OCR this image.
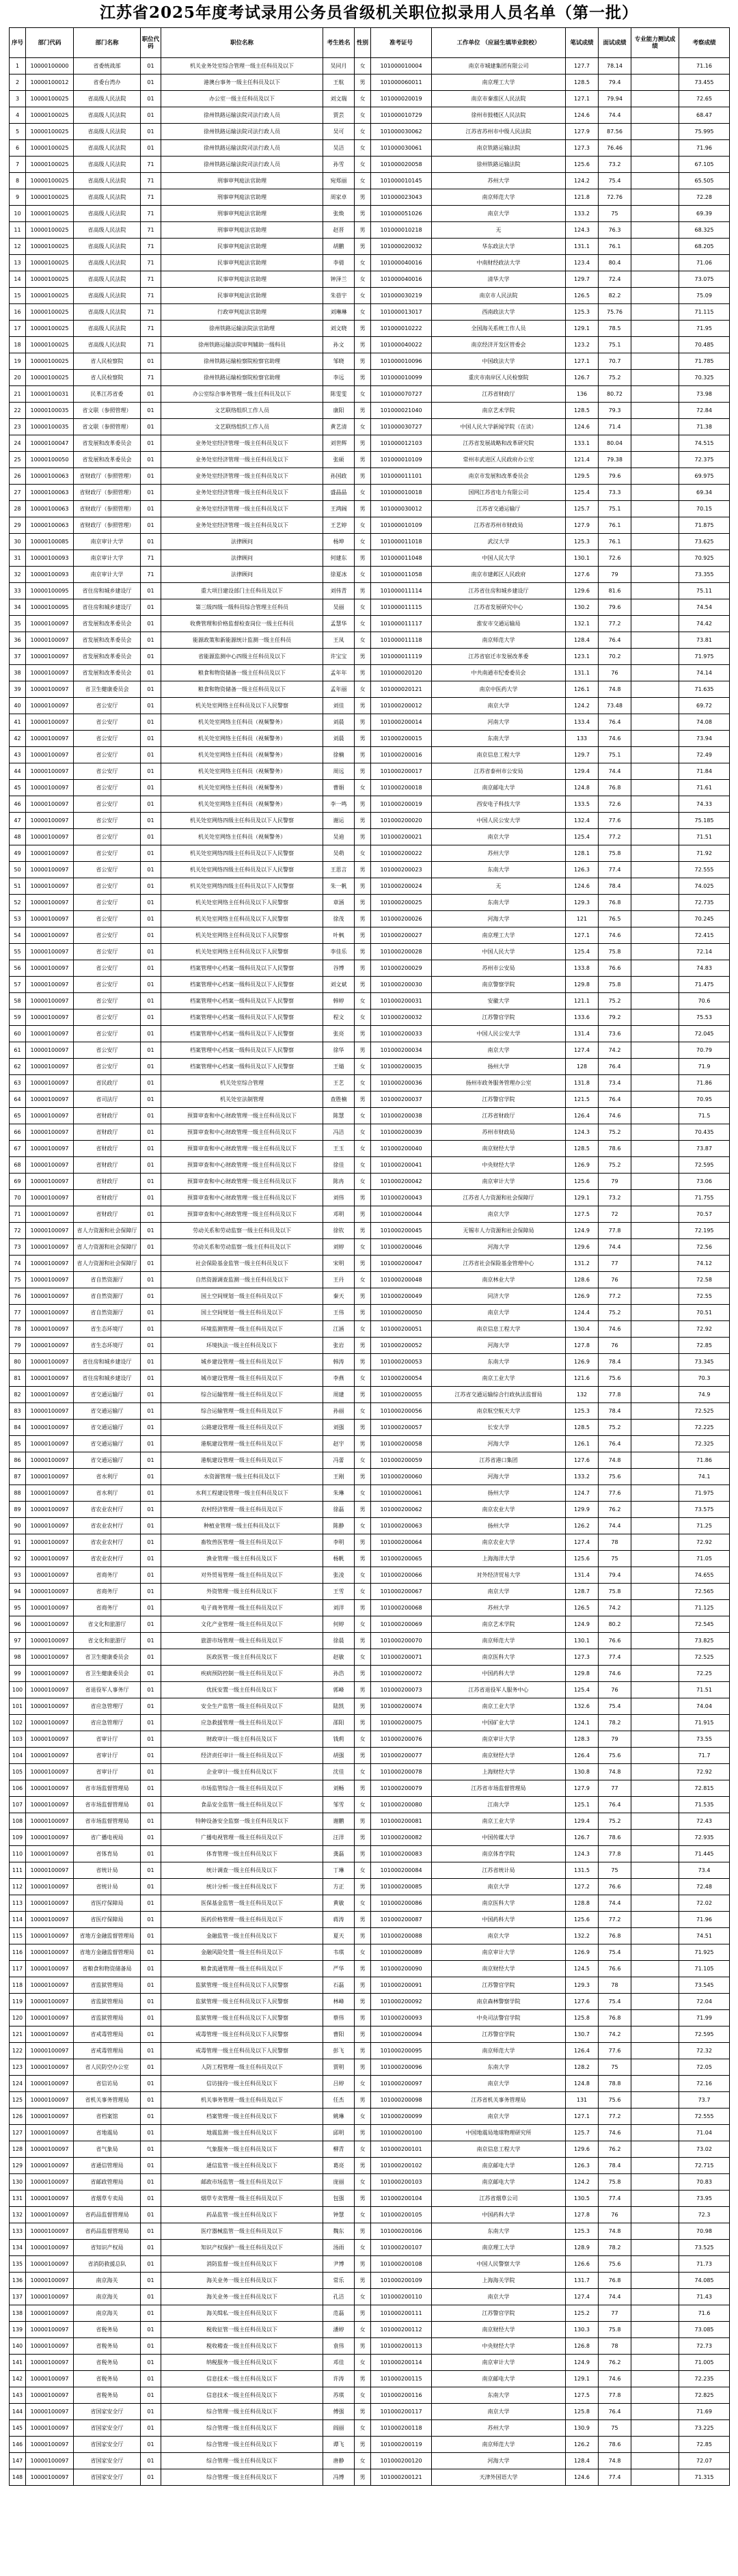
江苏省2025年度考试录用公务员省级机关职位拟录用人员名单（第一批）
序号	部门代码	部门名称	职位代码	职位名称	考生姓名	性别	准考证号	工作单位 （应届生填毕业院校）	笔试成绩	面试成绩	专业能力测试成绩	考察成绩
1	10000100000	省委统战部	01	机关业务处室综合管理一级主任科员及以下	吴同月	女	101000010004	南京市城建集团有限公司	127.7	78.14		71.16
2	10000100012	省委台湾办	01	港澳台事务一级主任科员及以下	王航	男	101000060011	南京理工大学	128.5	79.4		73.455
3	10000100025	省高级人民法院	01	办公室一级主任科员及以下	刘文瑞	女	101000020019	南京市秦淮区人民法院	127.1	79.94		72.65
4	10000100025	省高级人民法院	01	徐州铁路运输法院司法行政人员	贾芸	女	101000010729	徐州市鼓楼区人民法院	124.6	74.4		68.47
5	10000100025	省高级人民法院	01	徐州铁路运输法院司法行政人员	吴可	女	101000030062	江苏省苏州市中级人民法院	127.9	87.56		75.995
6	10000100025	省高级人民法院	01	徐州铁路运输法院司法行政人员	吴洁	女	101000030061	南京铁路运输法院	127.3	76.46		71.96
7	10000100025	省高级人民法院	71	徐州铁路运输法院司法行政人员	孙雪	女	101000020058	徐州铁路运输法院	125.6	73.2		67.105
8	10000100025	省高级人民法院	71	刑事审判庭法官助理	宛郑丽	女	101000010145	苏州大学	124.2	75.4		65.505
9	10000100025	省高级人民法院	71	刑事审判庭法官助理	周家卓	男	101000023043	南京师范大学	121.8	72.76		72.28
10	10000100025	省高级人民法院	71	刑事审判庭法官助理	张焕	男	101000051026	南京大学	133.2	75		69.39
11	10000100025	省高级人民法院	71	刑事审判庭法官助理	赵晋	男	101000010218	无	124.3	76.3		68.325
12	10000100025	省高级人民法院	71	民事审判庭法官助理	胡鹏	男	101000020032	华东政法大学	131.1	76.1		68.205
13	10000100025	省高级人民法院	71	民事审判庭法官助理	李倩	女	101000040016	中南财经政法大学	123.4	80.4		71.06
14	10000100025	省高级人民法院	71	民事审判庭法官助理	钟泽兰	女	101000040016	清华大学	129.7	72.4		73.075
15	10000100025	省高级人民法院	71	民事审判庭法官助理	朱蓓宇	女	101000030219	南京市人民法院	126.5	82.2		75.09
16	10000100025	省高级人民法院	71	行政审判庭法官助理	刘琳琳	女	101000013017	西南政法大学	125.3	75.76		71.115
17	10000100025	省高级人民法院	71	徐州铁路运输法院法官助理	刘文晓	男	101000010222	全国海关系统工作人员	129.1	78.5		71.95
18	10000100025	省高级人民法院	71	徐州铁路运输法院审判辅助一级科员	孙文	男	101000040022	南京经济开发区管委会	123.2	75.1		70.485
19	10000100025	省人民检察院	01	徐州铁路运输检察院检察官助理	邹晓	男	101000010096	中国政法大学	127.1	70.7		71.785
20	10000100025	省人民检察院	71	徐州铁路运输检察院检察官助理	李远	男	101000010099	重庆市南岸区人民检察院	126.7	75.2		70.325
21	10000100031	民革江苏省委	01	办公室综合事务管理一级主任科员及以下	陈雯雯	女	101000070727	江苏省财政厅	136	80.72		73.98
22	10000100035	省文联（参照管理）	01	文艺联络组织工作人员	康阳	男	101000021040	南京艺术学院	128.5	79.3		72.84
23	10000100035	省文联（参照管理）	01	文艺联络组织工作人员	黄艺清	女	101000030727	中国人民大学新闻学院（在读）	124.6	71.4		71.38
24	10000100047	省发展和改革委员会	01	业务处室经济管理一级主任科员及以下	刘世辉	男	101000012103	江苏省发展战略和改革研究院	133.1	80.04		74.515
25	10000100050	省发展和改革委员会	01	业务处室经济管理一级主任科员及以下	张硕	男	101000010109	常州市武进区人民政府办公室	121.4	79.38		72.375
26	10000100063	省财政厅（参照管理）	01	业务处室经济管理一级主任科员及以下	孙国政	男	101000011101	南京市发展和改革委员会	129.5	79.6		69.975
27	10000100063	省财政厅（参照管理）	01	业务处室经济管理一级主任科员及以下	盛晶晶	女	101000010018	国网江苏省电力有限公司	125.4	73.3		69.34
28	10000100063	省财政厅（参照管理）	01	业务处室经济管理一级主任科员及以下	王鸿阔	男	101000030012	江苏省交通运输厅	125.7	75.1		70.15
29	10000100063	省财政厅（参照管理）	01	业务处室经济管理一级主任科员及以下	王艺婷	女	101000010109	江苏省苏州市财政局	127.9	76.1		71.875
30	10000100085	南京审计大学	01	法律顾问	杨坤	女	101000011018	武汉大学	125.3	76.1		73.625
31	10000100093	南京审计大学	71	法律顾问	何建东	男	101000011048	中国人民大学	130.1	72.6		70.925
32	10000100093	南京审计大学	71	法律顾问	徐夏冰	女	101000011058	南京市建邺区人民政府	127.6	79		73.355
33	10000100095	省住房和城乡建设厅	01	重大项目建设部门主任科员及以下	刘伟青	男	101000011114	江苏省住房和城乡建设厅	129.6	81.6		75.11
34	10000100095	省住房和城乡建设厅	01	第三级四级一级科员综合管理主任科员	吴丽	女	101000011115	江苏省发展研究中心	130.2	79.6		74.54
35	10000100097	省发展和改革委员会	01	收费管理和价格监督检查岗位一级主任科员	孟慧华	女	101000011117	淮安市交通运输局	132.1	77.2		74.42
36	10000100097	省发展和改革委员会	01	能源政策和新能源统计监测一级主任科员	王凤	女	101000011118	南京师范大学	128.4	76.4		73.81
37	10000100097	省发展和改革委员会	01	省能源监测中心四级主任科员及以下	许宝宝	男	101000011119	江苏省宿迁市发展改革委	123.1	70.2		71.975
38	10000100097	省发展和改革委员会	01	粮食和物资储备一级主任科员及以下	孟年年	男	101000020120	中共南通市纪委委员会	131.1	76		74.14
39	10000100097	省卫生健康委员会	01	粮食和物资储备一级主任科员及以下	孟年丽	女	101000020121	南京中医药大学	126.1	74.8		71.635
40	10000100097	省公安厅	01	机关处室网络主任科员及以下人民警察	刘佳	男	101000200012	南京大学	124.2	73.48		69.72
41	10000100097	省公安厅	01	机关处室网络主任科员（视频警务）	刘晨	男	101000200014	河南大学	133.4	76.4		74.08
42	10000100097	省公安厅	01	机关处室网络主任科员（视频警务）	刘晨	男	101000200015	东南大学	133	74.6		73.94
43	10000100097	省公安厅	01	机关处室网络主任科员（视频警务）	徐楠	男	101000200016	南京信息工程大学	129.7	75.1		72.49
44	10000100097	省公安厅	01	机关处室网络主任科员（视频警务）	周远	男	101000200017	江苏省泰州市公安局	129.4	74.4		71.84
45	10000100097	省公安厅	01	机关处室网络主任科员（视频警务）	曹娟	女	101000200018	南京邮电大学	124.8	76.8		71.61
46	10000100097	省公安厅	01	机关处室网络主任科员（视频警务）	李一鸣	男	101000200019	西安电子科技大学	133.5	72.6		74.33
47	10000100097	省公安厅	01	机关处室网络四级主任科员及以下人民警察	谢运	男	101000200020	中国人民公安大学	132.4	77.6		75.185
48	10000100097	省公安厅	01	机关处室网络主任科员（视频警务）	吴迪	男	101000200021	南京大学	125.4	77.2		71.51
49	10000100097	省公安厅	01	机关处室网络四级主任科员及以下人民警察	吴萌	女	101000200022	苏州大学	128.1	75.8		71.92
50	10000100097	省公安厅	01	机关处室网络四级主任科员及以下人民警察	王思言	男	101000200023	东南大学	126.3	77.4		72.555
51	10000100097	省公安厅	01	机关处室网络四级主任科员及以下人民警察	朱一帆	男	101000200024	无	124.6	78.4		74.025
52	10000100097	省公安厅	01	机关处室网络主任科员及以下人民警察	章涵	男	101000200025	东南大学	129.3	76.8		72.735
53	10000100097	省公安厅	01	机关处室网络主任科员及以下人民警察	徐茂	男	101000200026	河海大学	121	76.5		70.245
54	10000100097	省公安厅	01	机关处室网络主任科员及以下人民警察	叶枫	男	101000200027	南京理工大学	127.1	74.6		72.415
55	10000100097	省公安厅	01	机关处室网络主任科员及以下人民警察	李佳乐	男	101000200028	中国人民大学	125.4	75.8		72.14
56	10000100097	省公安厅	01	档案管理中心档案一级科员及以下人民警察	谷博	男	101000200029	苏州市公安局	133.8	76.6		74.83
57	10000100097	省公安厅	01	档案管理中心档案一级科员及以下人民警察	刘文斌	男	101000200030	南京警察学院	129.8	75.8		71.475
58	10000100097	省公安厅	01	档案管理中心档案一级科员及以下人民警察	韩婷	女	101000200031	安徽大学	121.1	75.2		70.6
59	10000100097	省公安厅	01	档案管理中心档案一级科员及以下人民警察	程文	女	101000200032	江苏警官学院	133.6	79.2		75.53
60	10000100097	省公安厅	01	档案管理中心档案一级科员及以下人民警察	张亮	男	101000200033	中国人民公安大学	131.4	73.6		72.045
61	10000100097	省公安厅	01	档案管理中心档案一级科员及以下人民警察	徐华	男	101000200034	南京大学	127.4	74.2		70.79
62	10000100097	省公安厅	01	档案管理中心档案一级科员及以下人民警察	王婧	女	101000200035	扬州大学	128	76.4		71.9
63	10000100097	省民政厅	01	机关处室综合管理	王艺	女	101000200036	扬州市政务服务管理办公室	131.8	73.4		71.86
64	10000100097	省司法厅	01	机关处室法制管理	查胜楠	男	101000200037	江苏警官学院	121.5	76.4		70.95
65	10000100097	省财政厅	01	预算审查和中心财政管理一级主任科员及以下	陈慧	女	101000200038	江苏省财政厅	126.4	74.6		71.5
66	10000100097	省财政厅	01	预算审查和中心财政管理一级主任科员及以下	冯洁	女	101000200039	苏州市财政局	124.3	75.2		70.435
67	10000100097	省财政厅	01	预算审查和中心财政管理一级主任科员及以下	王玉	女	101000200040	南京财经大学	128.5	78.6		73.87
68	10000100097	省财政厅	01	预算审查和中心财政管理一级主任科员及以下	徐佳	女	101000200041	中央财经大学	126.9	75.2		72.595
69	10000100097	省财政厅	01	预算审查和中心财政管理一级主任科员及以下	陈冉	女	101000200042	南京审计大学	125.6	79		73.06
70	10000100097	省财政厅	01	预算审查和中心财政管理一级主任科员及以下	刘伟	男	101000200043	江苏省人力资源和社会保障厅	129.1	73.2		71.755
71	10000100097	省财政厅	01	预算审查和中心财政管理一级主任科员及以下	邓明	男	101000200044	南京大学	127.5	72		70.57
72	10000100097	省人力资源和社会保障厅	01	劳动关系和劳动监察一级主任科员及以下	徐钦	男	101000200045	无锡市人力资源和社会保障局	124.9	77.8		72.195
73	10000100097	省人力资源和社会保障厅	01	劳动关系和劳动监察一级主任科员及以下	刘婷	女	101000200046	河海大学	129.6	74.4		72.56
74	10000100097	省人力资源和社会保障厅	01	社会保险基金监管一级主任科员及以下	宋明	男	101000200047	江苏省社会保险基金管理中心	131.2	77		74.12
75	10000100097	省自然资源厅	01	自然资源调查监测一级主任科员及以下	王丹	女	101000200048	南京林业大学	128.6	76		72.58
76	10000100097	省自然资源厅	01	国土空间规划一级主任科员及以下	秦天	男	101000200049	同济大学	126.9	77.2		72.55
77	10000100097	省自然资源厅	01	国土空间规划一级主任科员及以下	王伟	男	101000200050	南京大学	124.4	75.2		70.51
78	10000100097	省生态环境厅	01	环境监测管理一级主任科员及以下	江涵	女	101000200051	南京信息工程大学	130.4	74.6		72.92
79	10000100097	省生态环境厅	01	环境执法一级主任科员及以下	张岩	男	101000200052	河海大学	127.8	76		72.85
80	10000100097	省住房和城乡建设厅	01	城乡建设管理一级主任科员及以下	韩涛	男	101000200053	东南大学	126.9	78.4		73.345
81	10000100097	省住房和城乡建设厅	01	城市建设管理一级主任科员及以下	李燕	女	101000200054	南京工业大学	121.6	75.6		70.3
82	10000100097	省交通运输厅	01	综合运输管理一级主任科员及以下	周建	男	101000200055	江苏省交通运输综合行政执法监督局	132	77.8		74.9
83	10000100097	省交通运输厅	01	综合运输管理一级主任科员及以下	孙丽	女	101000200056	南京航空航天大学	125.3	78.4		72.525
84	10000100097	省交通运输厅	01	公路建设管理一级主任科员及以下	刘强	男	101000200057	长安大学	128.5	75.2		72.225
85	10000100097	省交通运输厅	01	港航建设管理一级主任科员及以下	赵宇	男	101000200058	河海大学	126.1	76.4		72.325
86	10000100097	省交通运输厅	01	港航建设管理一级主任科员及以下	冯蕾	女	101000200059	江苏省港口集团	127.6	74.8		71.86
87	10000100097	省水利厅	01	水资源管理一级主任科员及以下	王刚	男	101000200060	河海大学	133.2	75.6		74.1
88	10000100097	省水利厅	01	水利工程建设管理一级主任科员及以下	朱琳	女	101000200061	扬州大学	124.7	77.6		71.975
89	10000100097	省农业农村厅	01	农村经济管理一级主任科员及以下	徐磊	男	101000200062	南京农业大学	129.9	76.2		73.575
90	10000100097	省农业农村厅	01	种植业管理一级主任科员及以下	陈静	女	101000200063	扬州大学	126.2	74.4		71.25
91	10000100097	省农业农村厅	01	畜牧兽医管理一级主任科员及以下	李明	男	101000200064	南京农业大学	127.4	78		72.92
92	10000100097	省农业农村厅	01	渔业管理一级主任科员及以下	杨帆	男	101000200065	上海海洋大学	125.6	75		71.05
93	10000100097	省商务厅	01	对外贸易管理一级主任科员及以下	张凌	女	101000200066	对外经济贸易大学	131.4	79.4		74.655
94	10000100097	省商务厅	01	外资管理一级主任科员及以下	王雪	女	101000200067	南京大学	128.7	75.8		72.565
95	10000100097	省商务厅	01	电子商务管理一级主任科员及以下	刘洋	男	101000200068	苏州大学	126.5	74.2		71.125
96	10000100097	省文化和旅游厅	01	文化产业管理一级主任科员及以下	何婷	女	101000200069	南京艺术学院	124.9	80.2		72.545
97	10000100097	省文化和旅游厅	01	旅游市场管理一级主任科员及以下	徐晨	男	101000200070	南京师范大学	130.1	76.6		73.825
98	10000100097	省卫生健康委员会	01	医政医管一级主任科员及以下	赵敏	女	101000200071	南京医科大学	127.3	77.4		72.525
99	10000100097	省卫生健康委员会	01	疾病预防控制一级主任科员及以下	孙浩	男	101000200072	中国药科大学	129.8	74.6		72.25
100	10000100097	省退役军人事务厅	01	优抚安置一级主任科员及以下	郭峰	男	101000200073	江苏省退役军人服务中心	125.4	76		71.51
101	10000100097	省应急管理厅	01	安全生产监管一级主任科员及以下	陆凯	男	101000200074	南京工业大学	132.6	75.4		74.04
102	10000100097	省应急管理厅	01	应急救援管理一级主任科员及以下	邵阳	男	101000200075	中国矿业大学	124.1	78.2		71.915
103	10000100097	省审计厅	01	财政审计一级主任科员及以下	钱莉	女	101000200076	南京审计大学	128.3	79		73.55
104	10000100097	省审计厅	01	经济责任审计一级主任科员及以下	胡强	男	101000200077	南京财经大学	126.4	75.6		71.7
105	10000100097	省审计厅	01	企业审计一级主任科员及以下	沈佳	女	101000200078	上海财经大学	130.8	74.8		72.92
106	10000100097	省市场监督管理局	01	市场监管综合一级主任科员及以下	刘畅	男	101000200079	江苏省市场监督管理局	127.9	77		72.815
107	10000100097	省市场监督管理局	01	食品安全监管一级主任科员及以下	邹雪	女	101000200080	江南大学	125.1	76.4		71.535
108	10000100097	省市场监督管理局	01	特种设备安全监察一级主任科员及以下	谢鹏	男	101000200081	南京工业大学	129.4	75.2		72.43
109	10000100097	省广播电视局	01	广播电视管理一级主任科员及以下	汪洋	男	101000200082	中国传媒大学	126.7	78.6		72.935
110	10000100097	省体育局	01	体育管理一级主任科员及以下	龚磊	男	101000200083	南京体育学院	124.3	77.8		71.445
111	10000100097	省统计局	01	统计调查一级主任科员及以下	丁琳	女	101000200084	江苏省统计局	131.5	75		73.4
112	10000100097	省统计局	01	统计分析一级主任科员及以下	方正	男	101000200085	南京大学	127.2	76.6		72.48
113	10000100097	省医疗保障局	01	医保基金监管一级主任科员及以下	黄敏	女	101000200086	南京医科大学	128.8	74.4		72.02
114	10000100097	省医疗保障局	01	医药价格管理一级主任科员及以下	蒋涛	男	101000200087	中国药科大学	125.6	77.2		71.96
115	10000100097	省地方金融监督管理局	01	金融监管一级主任科员及以下	夏天	男	101000200088	南京大学	132.2	76.8		74.51
116	10000100097	省地方金融监督管理局	01	金融风险处置一级主任科员及以下	韦琪	女	101000200089	南京审计大学	126.9	75.4		71.925
117	10000100097	省粮食和物资储备局	01	粮食流通管理一级主任科员及以下	严华	男	101000200090	南京财经大学	124.5	76.6		71.105
118	10000100097	省监狱管理局	01	监狱管理一级主任科员及以下人民警察	石磊	男	101000200091	江苏警官学院	129.3	78		73.545
119	10000100097	省监狱管理局	01	监狱管理一级主任科员及以下人民警察	林峰	男	101000200092	南京森林警察学院	127.6	75.4		72.04
120	10000100097	省监狱管理局	01	监狱管理一级主任科员及以下人民警察	蔡伟	男	101000200093	中央司法警官学院	125.8	76.8		71.99
121	10000100097	省戒毒管理局	01	戒毒管理一级主任科员及以下人民警察	曹阳	男	101000200094	江苏警官学院	130.7	74.2		72.595
122	10000100097	省戒毒管理局	01	戒毒管理一级主任科员及以下人民警察	彭飞	男	101000200095	南京师范大学	126.4	77.6		72.32
123	10000100097	省人民防空办公室	01	人防工程管理一级主任科员及以下	贾明	男	101000200096	东南大学	128.2	75		72.05
124	10000100097	省信访局	01	信访接待一级主任科员及以下	吕婷	女	101000200097	南京大学	124.8	78.8		72.16
125	10000100097	省机关事务管理局	01	机关事务管理一级主任科员及以下	任杰	男	101000200098	江苏省机关事务管理局	131	75.6		73.7
126	10000100097	省档案馆	01	档案管理一级主任科员及以下	姚琳	女	101000200099	南京大学	127.1	77.2		72.555
127	10000100097	省地震局	01	地震监测一级主任科员及以下	邱明	男	101000200100	中国地震局地球物理研究所	125.7	74.6		71.04
128	10000100097	省气象局	01	气象服务一级主任科员及以下	柳青	女	101000200101	南京信息工程大学	129.6	76.2		73.02
129	10000100097	省通信管理局	01	通信监管一级主任科员及以下	葛亮	男	101000200102	南京邮电大学	126.3	78.4		72.715
130	10000100097	省邮政管理局	01	邮政市场监管一级主任科员及以下	庞丽	女	101000200103	南京邮电大学	124.2	75.8		70.83
131	10000100097	省烟草专卖局	01	烟草专卖管理一级主任科员及以下	包强	男	101000200104	江苏省烟草公司	130.5	77.4		73.95
132	10000100097	省药品监督管理局	01	药品监管一级主任科员及以下	钟慧	女	101000200105	中国药科大学	127.8	76		72.3
133	10000100097	省药品监督管理局	01	医疗器械监管一级主任科员及以下	魏东	男	101000200106	东南大学	125.3	74.8		70.98
134	10000100097	省知识产权局	01	知识产权保护一级主任科员及以下	汤雨	女	101000200107	南京理工大学	128.9	78.2		73.525
135	10000100097	省消防救援总队	01	消防监督一级主任科员及以下	尹博	男	101000200108	中国人民警察大学	126.6	75.6		71.73
136	10000100097	南京海关	01	海关业务一级主任科员及以下	常乐	男	101000200109	上海海关学院	131.7	76.8		74.085
137	10000100097	南京海关	01	海关业务一级主任科员及以下	孔洁	女	101000200110	南京大学	127.4	74.4		71.43
138	10000100097	南京海关	01	海关缉私一级主任科员及以下	范磊	男	101000200111	江苏警官学院	125.2	77		71.6
139	10000100097	省税务局	01	税收征管一级主任科员及以下	潘婷	女	101000200112	南京财经大学	130.3	75.8		73.085
140	10000100097	省税务局	01	税收稽查一级主任科员及以下	袁伟	男	101000200113	中央财经大学	126.8	78		72.73
141	10000100097	省税务局	01	纳税服务一级主任科员及以下	邓佳	女	101000200114	南京审计大学	124.9	76.2		71.005
142	10000100097	省税务局	01	信息技术一级主任科员及以下	许涛	男	101000200115	南京邮电大学	129.1	74.6		72.235
143	10000100097	省税务局	01	信息技术一级主任科员及以下	苏琪	女	101000200116	东南大学	127.5	77.8		72.825
144	10000100097	省国家安全厅	01	综合管理一级主任科员及以下	傅强	男	101000200117	南京大学	125.8	76.4		71.69
145	10000100097	省国家安全厅	01	综合管理一级主任科员及以下	阎丽	女	101000200118	苏州大学	130.9	75		73.225
146	10000100097	省国家安全厅	01	综合管理一级主任科员及以下	谭飞	男	101000200119	南京师范大学	126.2	78.6		72.85
147	10000100097	省国家安全厅	01	综合管理一级主任科员及以下	唐静	女	101000200120	河海大学	128.4	74.8		72.07
148	10000100097	省国家安全厅	01	综合管理一级主任科员及以下	冯博	男	101000200121	天津外国语大学	124.6	77.4		71.315
